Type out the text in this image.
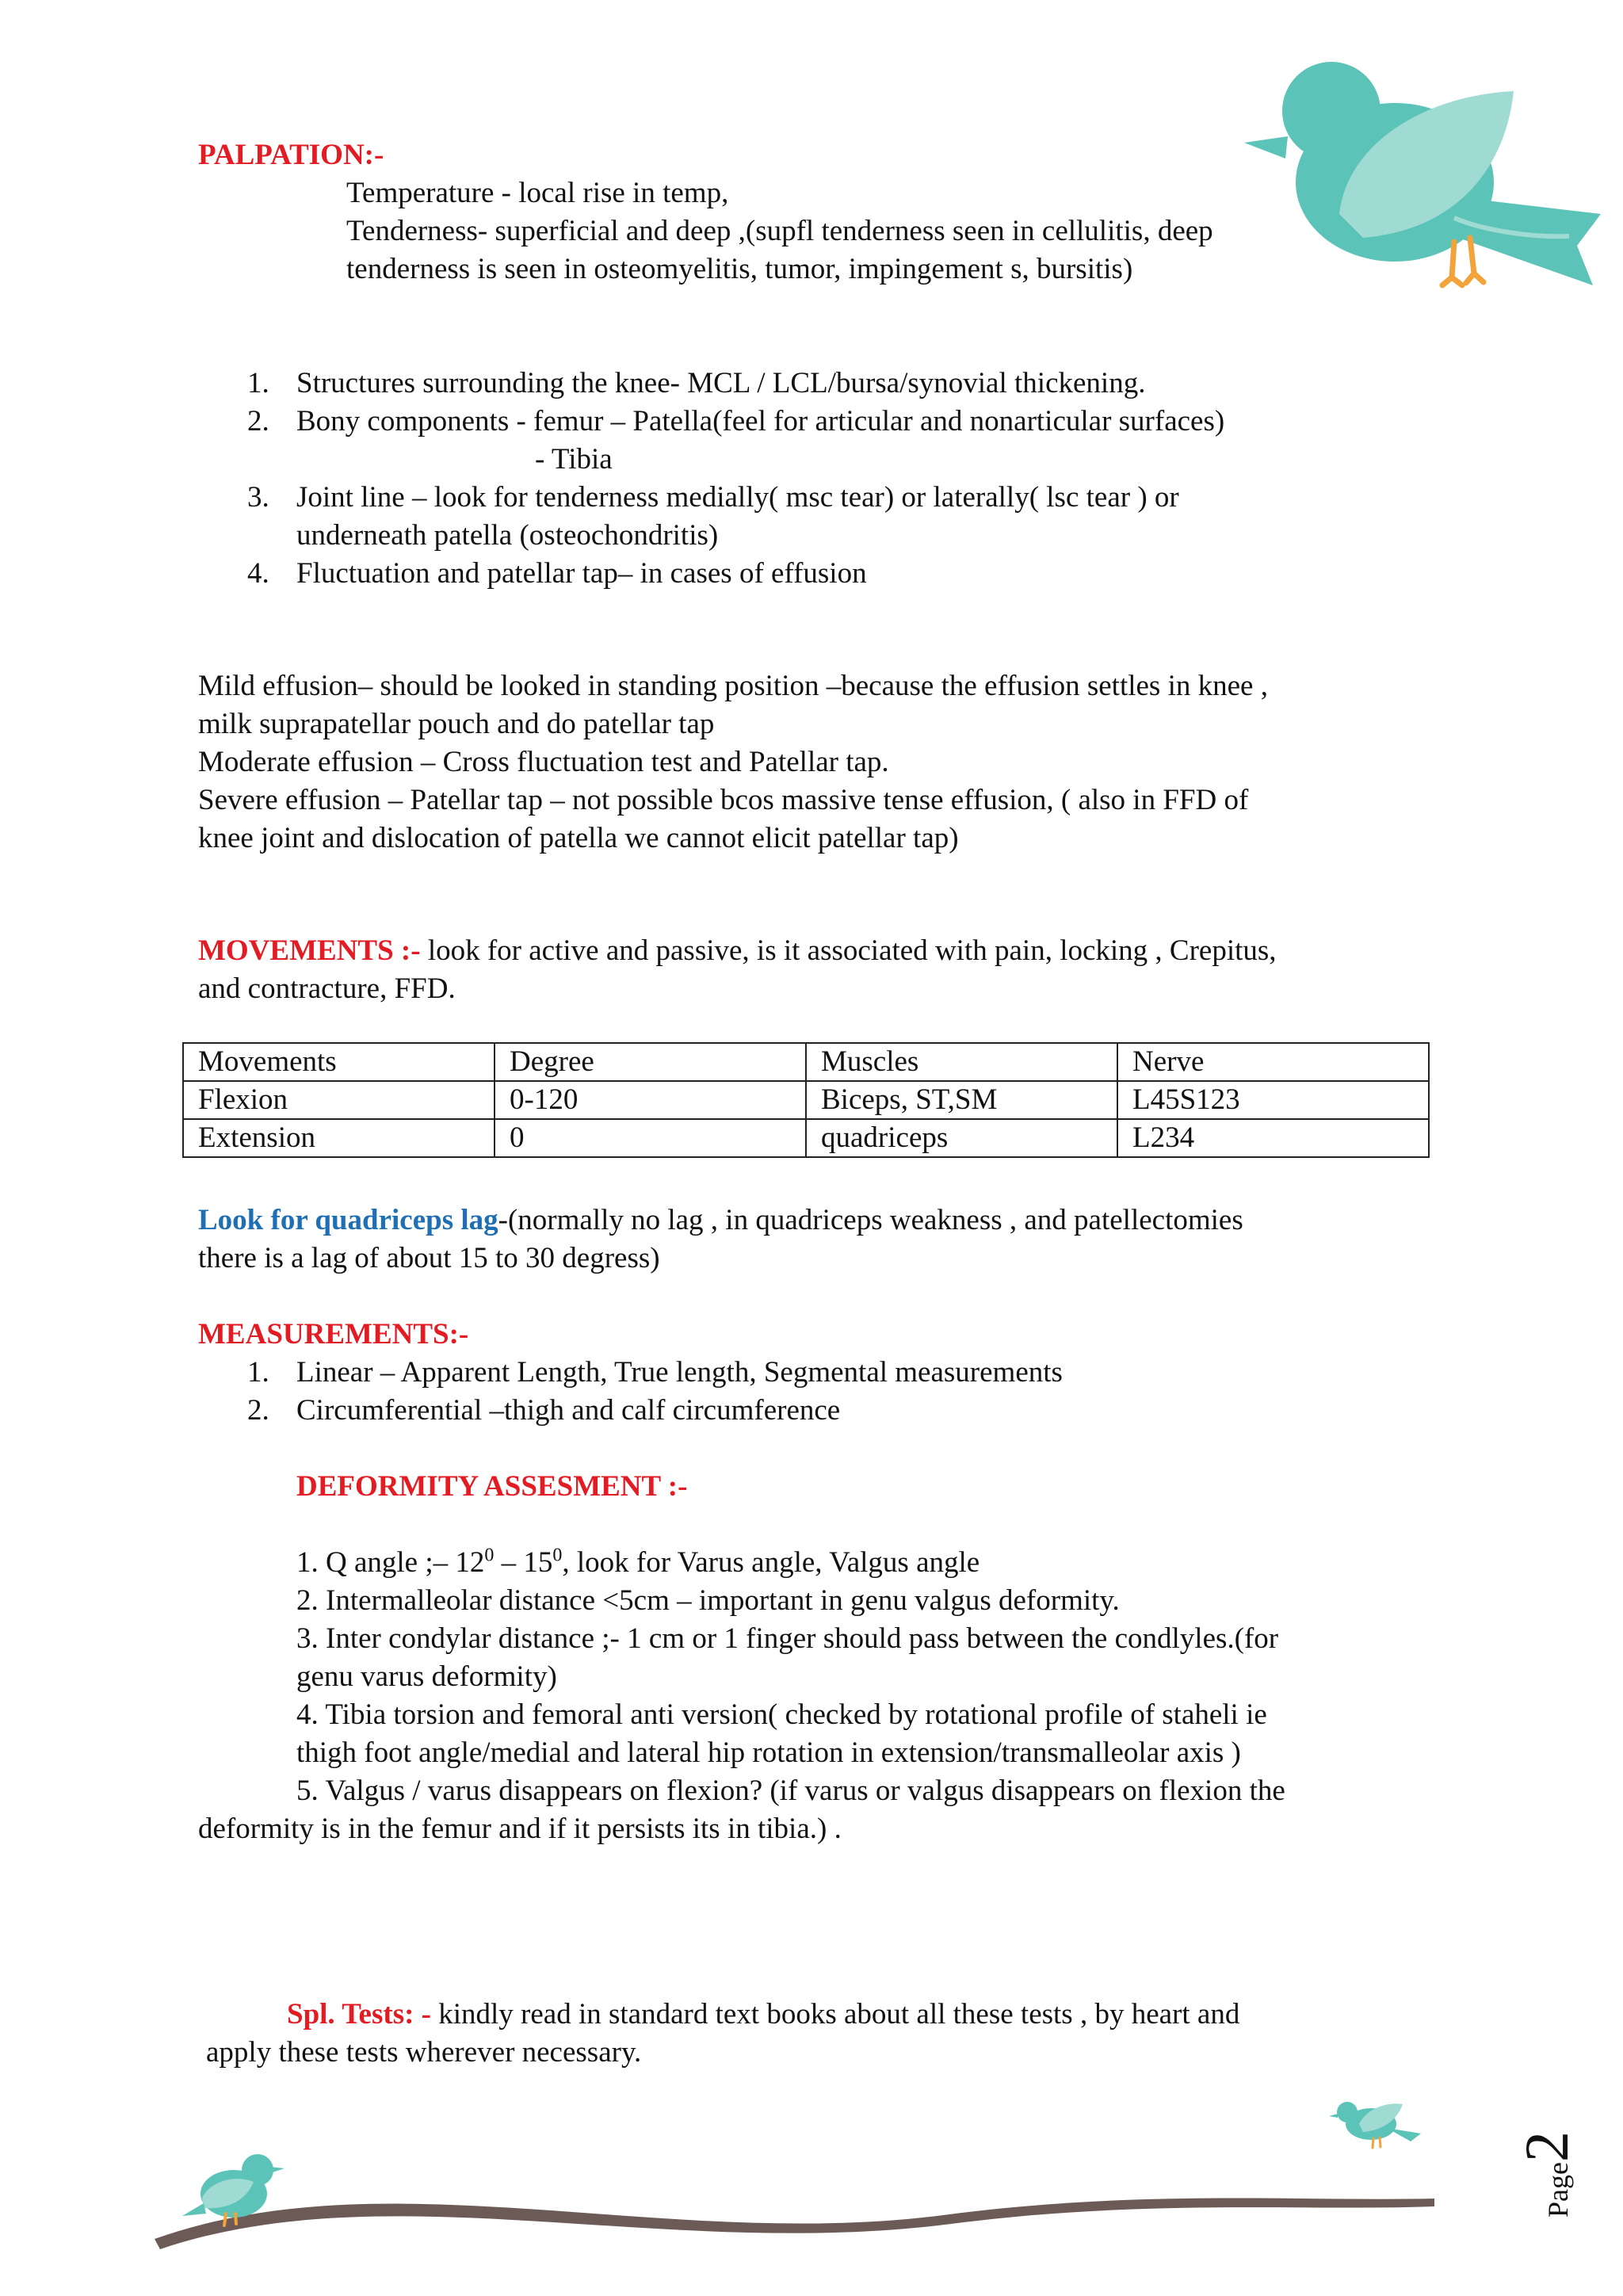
PALPATION:-
Temperature - local rise in temp,
Tenderness- superficial and deep ,(supfl tenderness seen in cellulitis, deep
tenderness is seen in osteomyelitis, tumor, impingement s, bursitis)
1. Structures surrounding the knee- MCL / LCL/bursa/synovial thickening.
2. Bony components - femur – Patella(feel for articular and nonarticular surfaces)
- Tibia
3. Joint line – look for tenderness medially( msc tear) or laterally( lsc tear ) or
underneath patella (osteochondritis)
4. Fluctuation and patellar tap– in cases of effusion
Mild effusion– should be looked in standing position –because the effusion settles in knee ,
milk suprapatellar pouch and do patellar tap
Moderate effusion – Cross fluctuation test and Patellar tap.
Severe effusion – Patellar tap – not possible bcos massive tense effusion, ( also in FFD of
knee joint and dislocation of patella we cannot elicit patellar tap)
MOVEMENTS :- look for active and passive, is it associated with pain, locking , Crepitus,
and contracture, FFD.
Movements	Degree	Muscles	Nerve
Flexion	0-120	Biceps, ST,SM	L45S123
Extension	0	quadriceps	L234
Look for quadriceps lag-(normally no lag , in quadriceps weakness , and patellectomies
there is a lag of about 15 to 30 degress)
MEASUREMENTS:-
1. Linear – Apparent Length, True length, Segmental measurements
2. Circumferential –thigh and calf circumference
DEFORMITY ASSESMENT :-
1. Q angle ;– $12^0 - 15^0$, look for Varus angle, Valgus angle
2. Intermalleolar distance <5cm – important in genu valgus deformity.
3. Inter condylar distance ;- 1 cm or 1 finger should pass between the condlyles.(for
genu varus deformity)
4. Tibia torsion and femoral anti version( checked by rotational profile of staheli ie
thigh foot angle/medial and lateral hip rotation in extension/transmalleolar axis )
5. Valgus / varus disappears on flexion? (if varus or valgus disappears on flexion the
deformity is in the femur and if it persists its in tibia.) .
Spl. Tests: - kindly read in standard text books about all these tests , by heart and
apply these tests wherever necessary.
Page2
